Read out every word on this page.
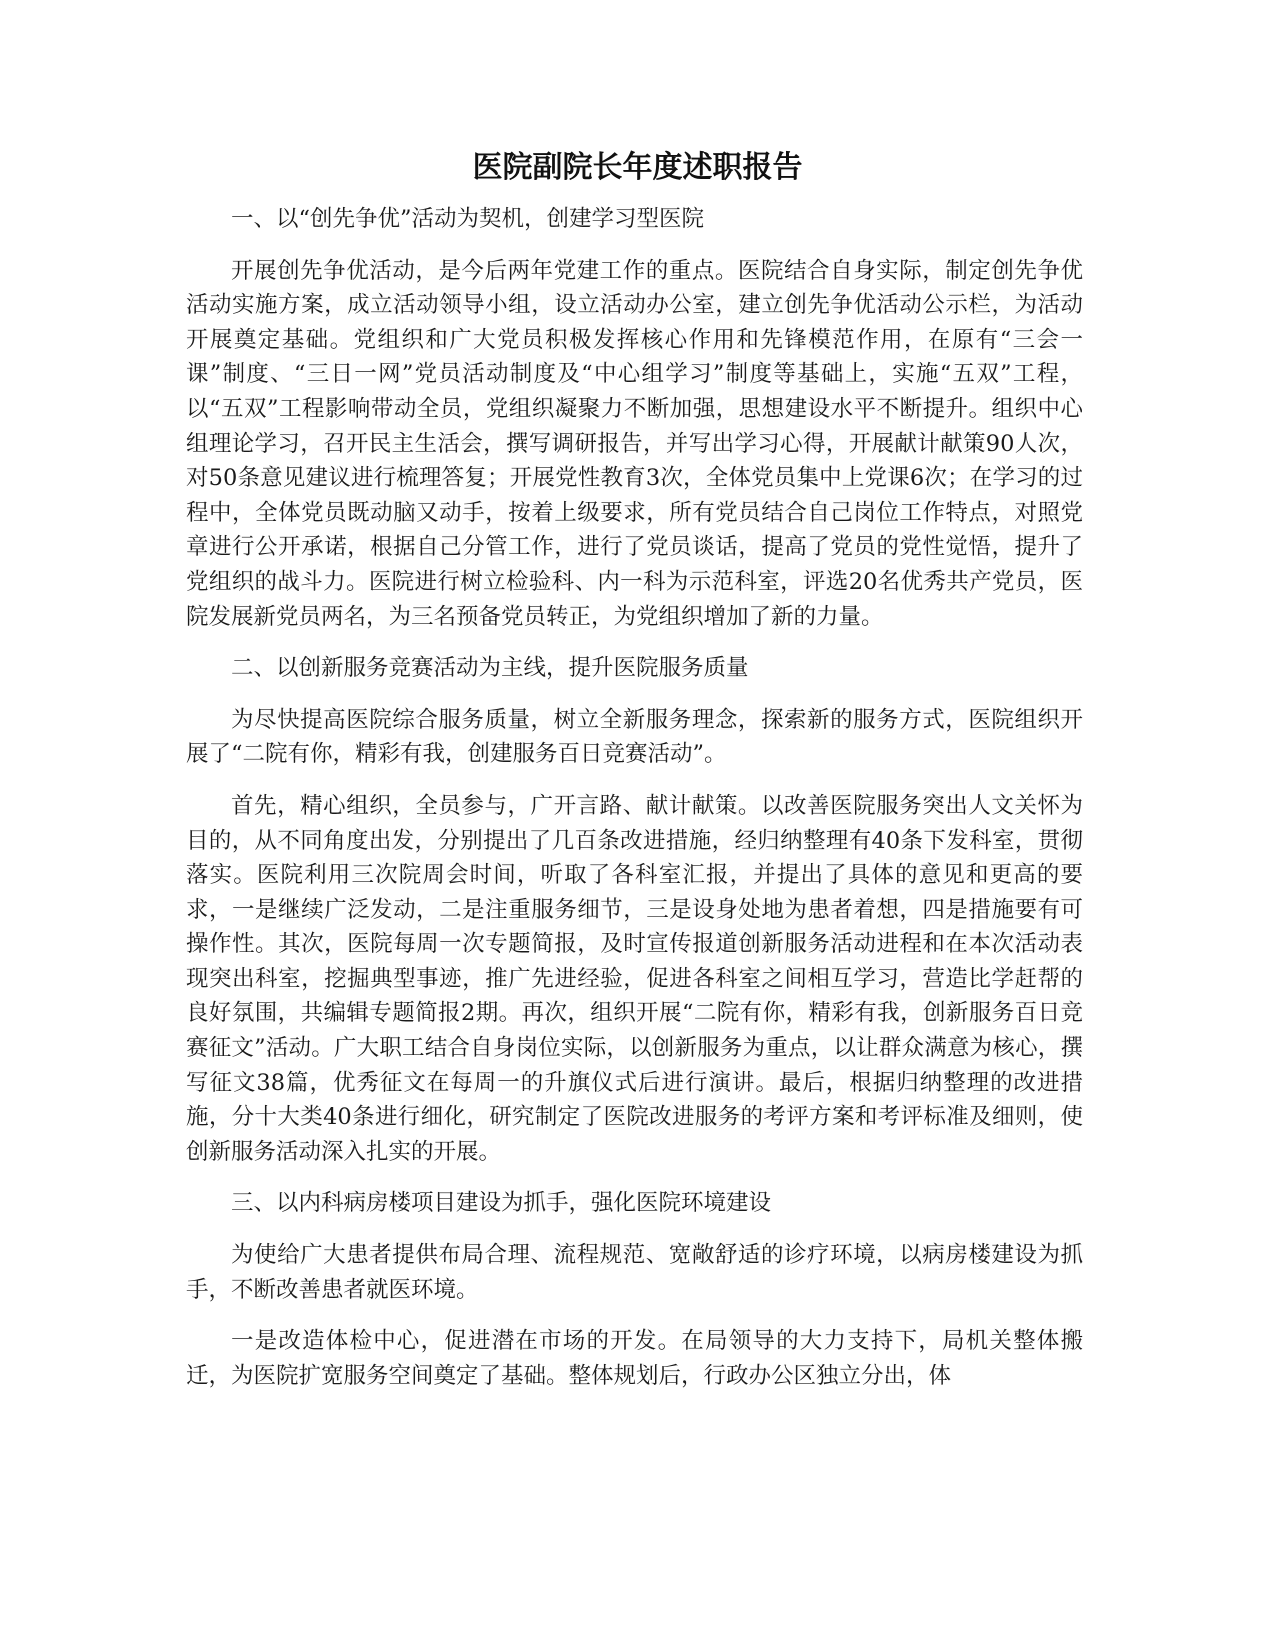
医院副院长年度述职报告

一、以“创先争优”活动为契机，创建学习型医院

开展创先争优活动，是今后两年党建工作的重点。医院结合自身实际，制定创先争优活动实施方案，成立活动领导小组，设立活动办公室，建立创先争优活动公示栏，为活动开展奠定基础。党组织和广大党员积极发挥核心作用和先锋模范作用，在原有“三会一课”制度、“三日一网”党员活动制度及“中心组学习”制度等基础上，实施“五双”工程，以“五双”工程影响带动全员，党组织凝聚力不断加强，思想建设水平不断提升。组织中心组理论学习，召开民主生活会，撰写调研报告，并写出学习心得，开展献计献策90人次，对50条意见建议进行梳理答复；开展党性教育3次，全体党员集中上党课6次；在学习的过程中，全体党员既动脑又动手，按着上级要求，所有党员结合自己岗位工作特点，对照党章进行公开承诺，根据自己分管工作，进行了党员谈话，提高了党员的党性觉悟，提升了党组织的战斗力。医院进行树立检验科、内一科为示范科室，评选20名优秀共产党员，医院发展新党员两名，为三名预备党员转正，为党组织增加了新的力量。

二、以创新服务竞赛活动为主线，提升医院服务质量

为尽快提高医院综合服务质量，树立全新服务理念，探索新的服务方式，医院组织开展了“二院有你，精彩有我，创建服务百日竞赛活动”。

首先，精心组织，全员参与，广开言路、献计献策。以改善医院服务突出人文关怀为目的，从不同角度出发，分别提出了几百条改进措施，经归纳整理有40条下发科室，贯彻落实。医院利用三次院周会时间，听取了各科室汇报，并提出了具体的意见和更高的要求，一是继续广泛发动，二是注重服务细节，三是设身处地为患者着想，四是措施要有可操作性。其次，医院每周一次专题简报，及时宣传报道创新服务活动进程和在本次活动表现突出科室，挖掘典型事迹，推广先进经验，促进各科室之间相互学习，营造比学赶帮的良好氛围，共编辑专题简报2期。再次，组织开展“二院有你，精彩有我，创新服务百日竞赛征文”活动。广大职工结合自身岗位实际，以创新服务为重点，以让群众满意为核心，撰写征文38篇，优秀征文在每周一的升旗仪式后进行演讲。最后，根据归纳整理的改进措施，分十大类40条进行细化，研究制定了医院改进服务的考评方案和考评标准及细则，使创新服务活动深入扎实的开展。

三、以内科病房楼项目建设为抓手，强化医院环境建设

为使给广大患者提供布局合理、流程规范、宽敞舒适的诊疗环境，以病房楼建设为抓手，不断改善患者就医环境。

一是改造体检中心，促进潜在市场的开发。在局领导的大力支持下，局机关整体搬迁，为医院扩宽服务空间奠定了基础。整体规划后，行政办公区独立分出，体
